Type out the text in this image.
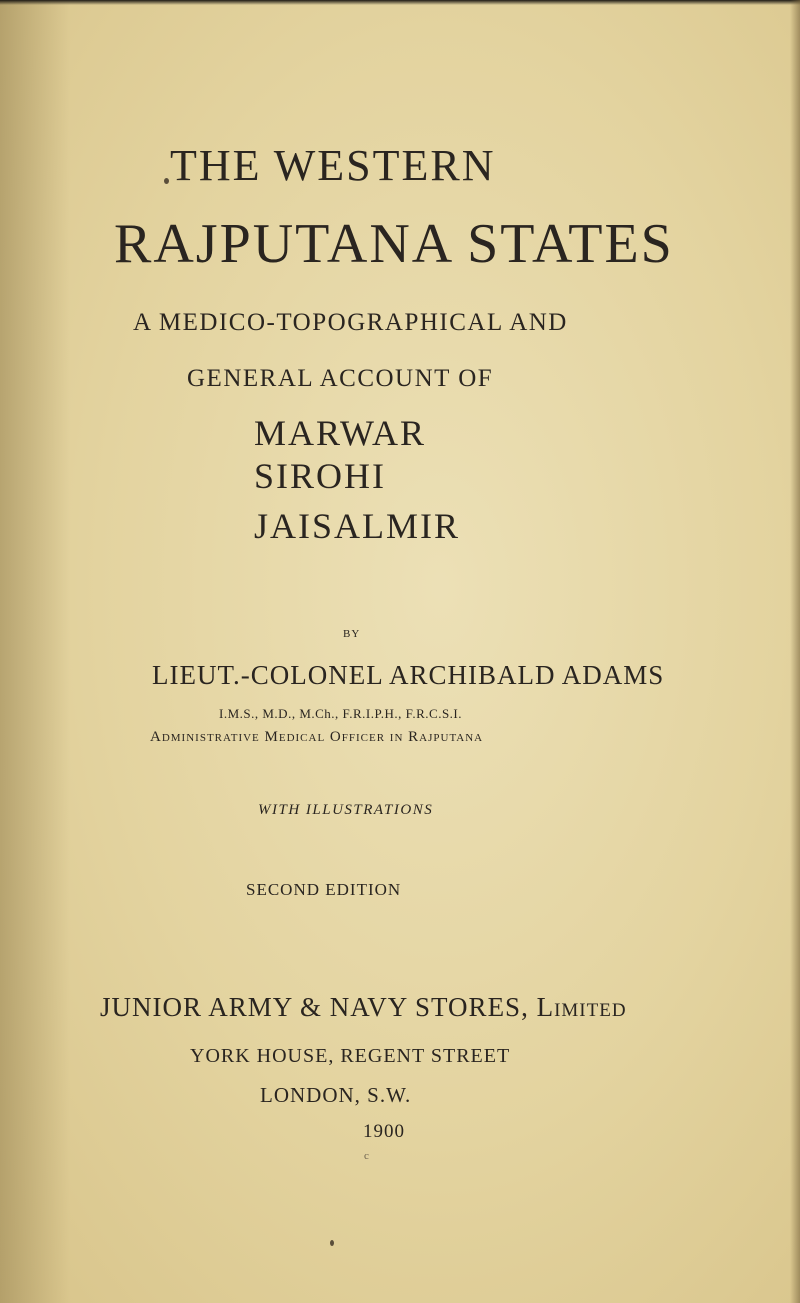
THE WESTERN

RAJPUTANA STATES

A MEDICO-TOPOGRAPHICAL AND

GENERAL ACCOUNT OF

MARWAR

SIROHI

JAISALMIR

BY

LIEUT.-COLONEL ARCHIBALD ADAMS

I.M.S., M.D., M.Ch., F.R.I.P.H., F.R.C.S.I.

Administrative Medical Officer in Rajputana

WITH ILLUSTRATIONS

SECOND EDITION

JUNIOR ARMY & NAVY STORES, Limited

YORK HOUSE, REGENT STREET

LONDON, S.W.

1900

c
